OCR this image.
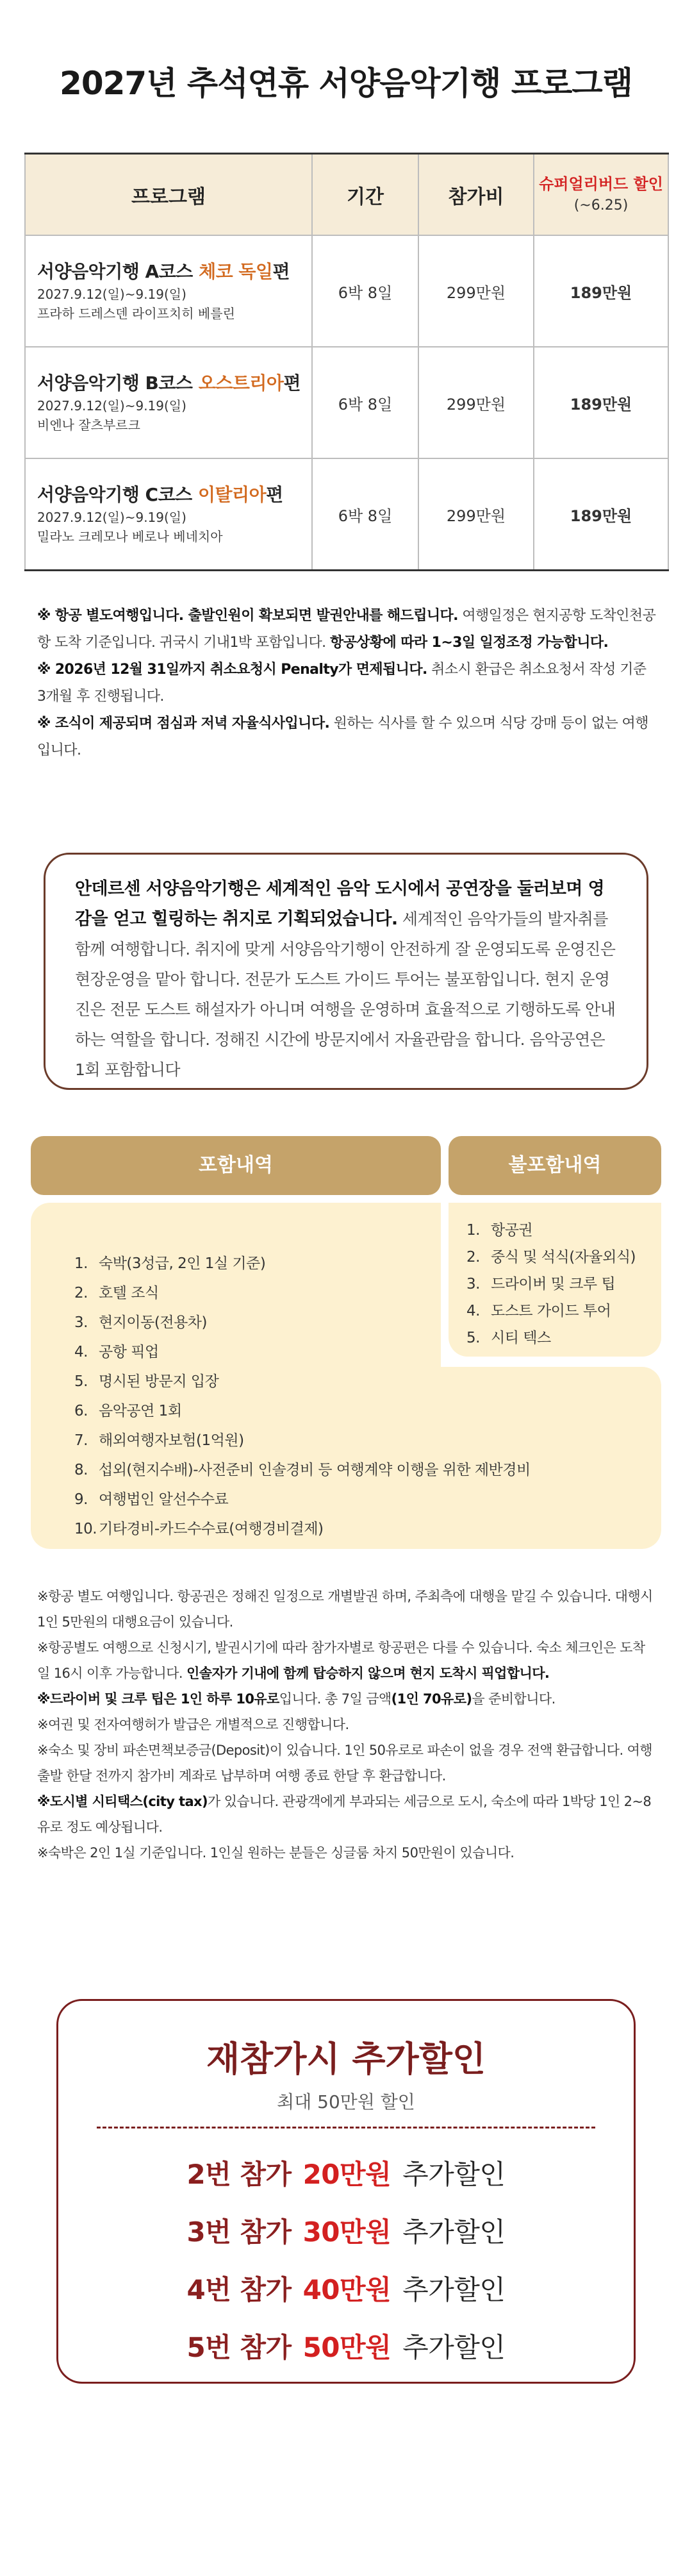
2027년 추석연휴 서양음악기행 프로그램
프로그램	기간	참가비	슈퍼얼리버드 할인
(~6.25)

서양음악기행 A코스 체코 독일편
2027.9.12(일)~9.19(일)
프라하 드레스덴 라이프치히 베를린	6박 8일	299만원	189만원

서양음악기행 B코스 오스트리아편
2027.9.12(일)~9.19(일)
비엔나 잘츠부르크	6박 8일	299만원	189만원

서양음악기행 C코스 이탈리아편
2027.9.12(일)~9.19(일)
밀라노 크레모나 베로나 베네치아	6박 8일	299만원	189만원

※ 항공 별도여행입니다. 출발인원이 확보되면 발권안내를 해드립니다. 여행일정은 현지공항 도착인천공항 도착 기준입니다. 귀국시 기내1박 포함입니다. 항공상황에 따라 1~3일 일정조정 가능합니다.

※ 2026년 12월 31일까지 취소요청시 Penalty가 면제됩니다. 취소시 환급은 취소요청서 작성 기준 3개월 후 진행됩니다.

※ 조식이 제공되며 점심과 저녁 자율식사입니다. 원하는 식사를 할 수 있으며 식당 강매 등이 없는 여행입니다.

안데르센 서양음악기행은 세계적인 음악 도시에서 공연장을 둘러보며 영감을 얻고 힐링하는 취지로 기획되었습니다. 세계적인 음악가들의 발자취를 함께 여행합니다. 취지에 맞게 서양음악기행이 안전하게 잘 운영되도록 운영진은 현장운영을 맡아 합니다. 전문가 도스트 가이드 투어는 불포함입니다. 현지 운영진은 전문 도스트 해설자가 아니며 여행을 운영하며 효율적으로 기행하도록 안내하는 역할을 합니다. 정해진 시간에 방문지에서 자율관람을 합니다. 음악공연은 1회 포함합니다
포함내역	불포함내역
1. 숙박(3성급, 2인 1실 기준)
2. 호텔 조식
3. 현지이동(전용차)
4. 공항 픽업
5. 명시된 방문지 입장
6. 음악공연 1회
7. 해외여행자보험(1억원)
8. 섭외(현지수배)-사전준비 인솔경비 등 여행계약 이행을 위한 제반경비
9. 여행법인 알선수수료
10. 기타경비-카드수수료(여행경비결제)
1. 항공권
2. 중식 및 석식(자율외식)
3. 드라이버 및 크루 팁
4. 도스트 가이드 투어
5. 시티 텍스

※항공 별도 여행입니다. 항공권은 정해진 일정으로 개별발권 하며, 주최측에 대행을 맡길 수 있습니다. 대행시 1인 5만원의 대행요금이 있습니다.

※항공별도 여행으로 신청시기, 발권시기에 따라 참가자별로 항공편은 다를 수 있습니다. 숙소 체크인은 도착일 16시 이후 가능합니다. 인솔자가 기내에 함께 탑승하지 않으며 현지 도착시 픽업합니다.

※드라이버 및 크루 팁은 1인 하루 10유로입니다. 총 7일 금액(1인 70유로)을 준비합니다.

※여권 및 전자여행허가 발급은 개별적으로 진행합니다.

※숙소 및 장비 파손면책보증금(Deposit)이 있습니다. 1인 50유로로 파손이 없을 경우 전액 환급합니다. 여행 출발 한달 전까지 참가비 계좌로 납부하며 여행 종료 한달 후 환급합니다.

※도시별 시티택스(city tax)가 있습니다. 관광객에게 부과되는 세금으로 도시, 숙소에 따라 1박당 1인 2~8유로 정도 예상됩니다.

※숙박은 2인 1실 기준입니다. 1인실 원하는 분들은 싱글룸 차지 50만원이 있습니다.

재참가시 추가할인
최대 50만원 할인
2번 참가 20만원 추가할인
3번 참가 30만원 추가할인
4번 참가 40만원 추가할인
5번 참가 50만원 추가할인
